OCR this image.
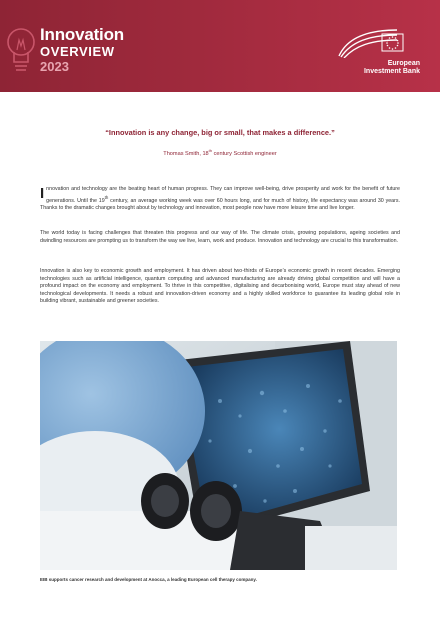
Innovation
OVERVIEW
2023	European
Investment Bank
“Innovation is any change, big or small, that makes a difference.”
Thomas Smith, 18th century Scottish engineer

Innovation and technology are the beating heart of human progress. They can improve well-being, drive prosperity and work for the benefit of future generations. Until the 19th century, an average working week was over 60 hours long, and for much of history, life expectancy was around 30 years. Thanks to the dramatic changes brought about by technology and innovation, most people now have more leisure time and live longer.

The world today is facing challenges that threaten this progress and our way of life. The climate crisis, growing populations, ageing societies and dwindling resources are prompting us to transform the way we live, learn, work and produce. Innovation and technology are crucial to this transformation.

Innovation is also key to economic growth and employment. It has driven about two-thirds of Europe’s economic growth in recent decades. Emerging technologies such as artificial intelligence, quantum computing and advanced manufacturing are already driving global competition and will have a profound impact on the economy and employment. To thrive in this competitive, digitalising and decarbonising world, Europe must stay ahead of new technological developments. It needs a robust and innovation-driven economy and a highly skilled workforce to guarantee its leading global role in building vibrant, sustainable and greener societies.

EIB supports cancer research and development at Anocca, a leading European cell therapy company.
